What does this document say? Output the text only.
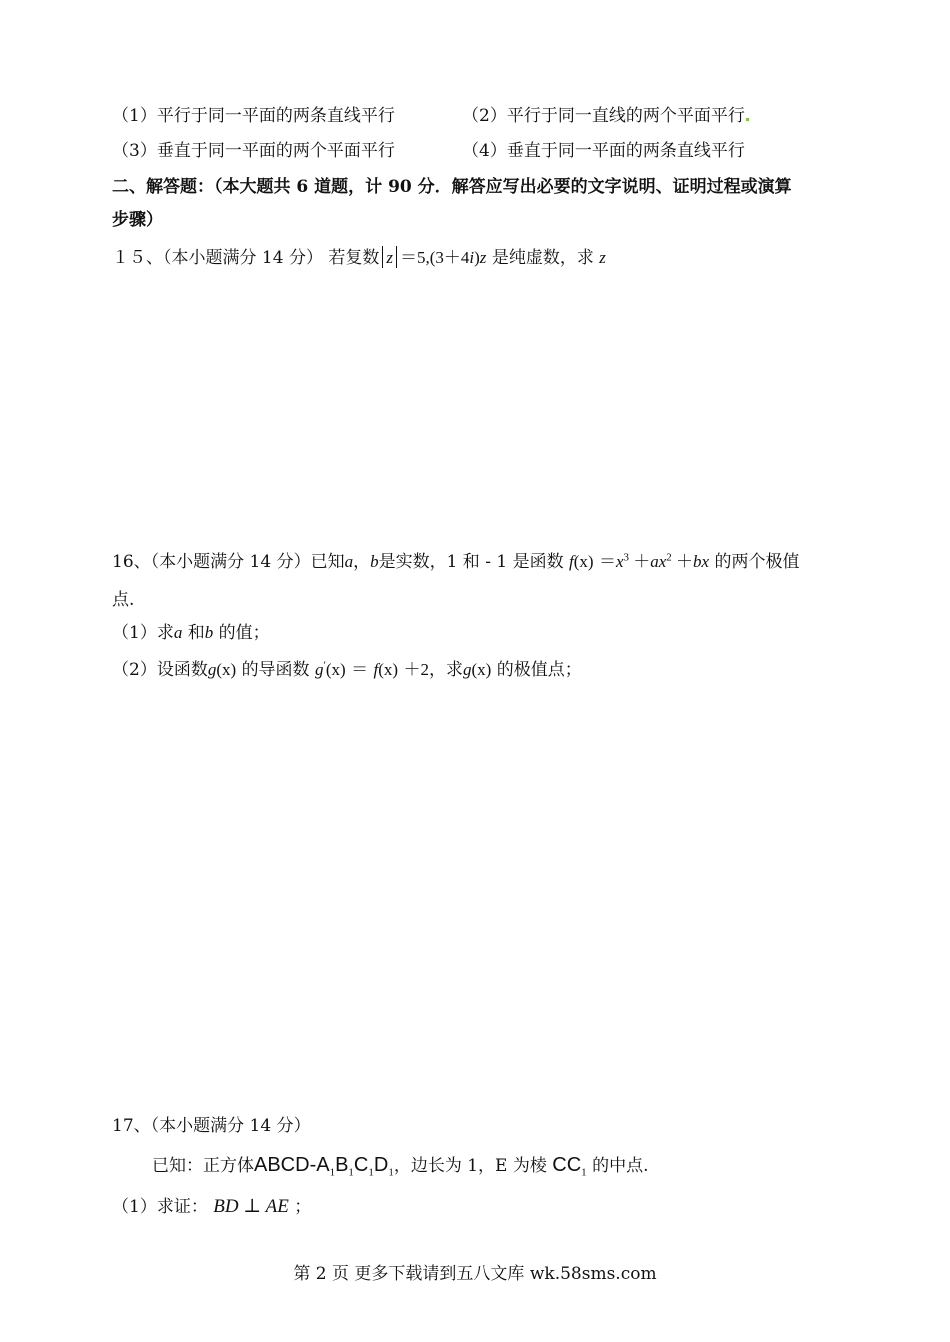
（1）平行于同一平面的两条直线平行	（2）平行于同一直线的两个平面平行
（3）垂直于同一平面的两个平面平行	（4）垂直于同一平面的两条直线平行
二、解答题：（本大题共 6 道题，计 90 分．解答应写出必要的文字说明、证明过程或演算
步骤）
１５、（本小题满分 14 分） 若复数 z ＝5,(3＋4i)z 是纯虚数，求 z
16、（本小题满分 14 分）已知a，b是实数，1 和 - 1 是函数 $f(x) =x^3 +ax^2 +bx$ 的两个极值
点.
（1）求a 和b 的值；
（2）设函数g(x) 的导函数 g′(x) ＝ f(x) ＋2，求g(x) 的极值点；
17、（本小题满分 14 分）
已知：正方体ABCD-$A_1B_1C_1D_1$，边长为 1，E 为棱 $CC_1$ 的中点.
（1）求证： BD ⊥ AE ；
第 2 页 更多下载请到五八文库 wk.58sms.com
